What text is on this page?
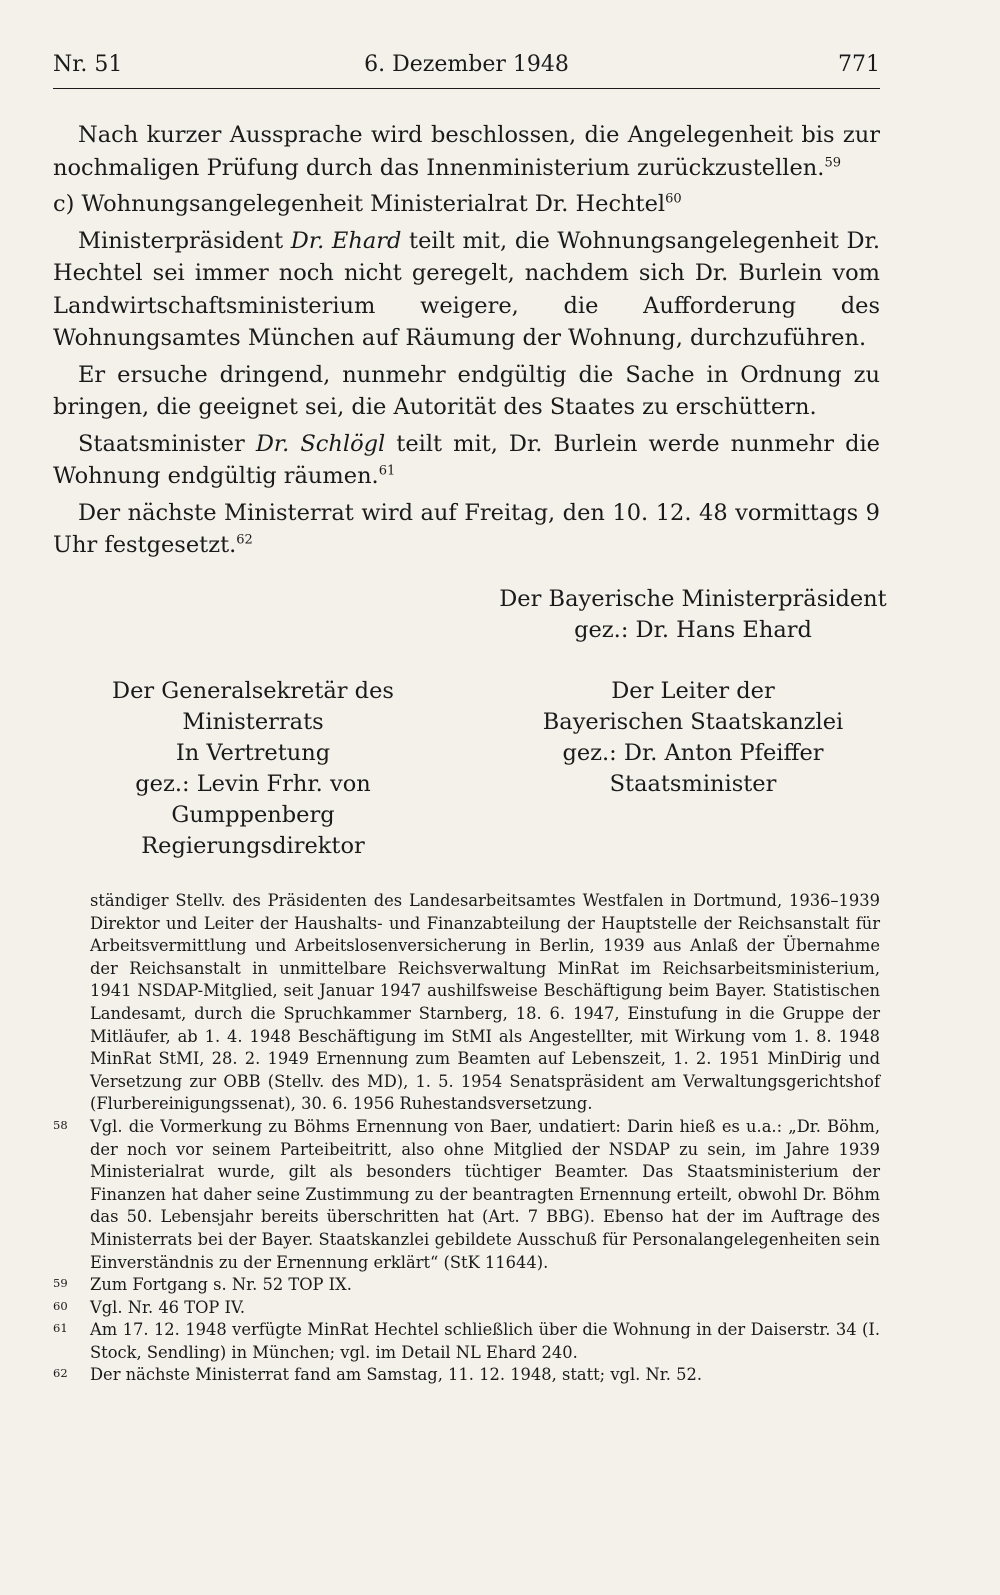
Nr. 51	6. Dezember 1948	771

Nach kurzer Aussprache wird beschlossen, die Angelegenheit bis zur nochmaligen Prüfung durch das Innenministerium zurückzustellen.$^{59}$

c) Wohnungsangelegenheit Ministerialrat Dr. Hechtel$^{60}$

Ministerpräsident Dr. Ehard teilt mit, die Wohnungsangelegenheit Dr. Hechtel sei immer noch nicht geregelt, nachdem sich Dr. Burlein vom Landwirtschaftsministerium weigere, die Aufforderung des Wohnungsamtes München auf Räumung der Wohnung, durchzuführen.

Er ersuche dringend, nunmehr endgültig die Sache in Ordnung zu bringen, die geeignet sei, die Autorität des Staates zu erschüttern.

Staatsminister Dr. Schlögl teilt mit, Dr. Burlein werde nunmehr die Wohnung endgültig räumen.$^{61}$

Der nächste Ministerrat wird auf Freitag, den 10. 12. 48 vormittags 9 Uhr festgesetzt.$^{62}$

Der Bayerische Ministerpräsident
gez.: Dr. Hans Ehard
Der Generalsekretär des
Ministerrats
In Vertretung
gez.: Levin Frhr. von Gumppenberg
Regierungsdirektor
Der Leiter der
Bayerischen Staatskanzlei
gez.: Dr. Anton Pfeiffer
Staatsminister

ständiger Stellv. des Präsidenten des Landesarbeitsamtes Westfalen in Dortmund, 1936–1939 Direktor und Leiter der Haushalts- und Finanzabteilung der Hauptstelle der Reichsanstalt für Arbeitsvermittlung und Arbeitslosenversicherung in Berlin, 1939 aus Anlaß der Übernahme der Reichsanstalt in unmittelbare Reichsverwaltung MinRat im Reichsarbeitsministerium, 1941 NSDAP-Mitglied, seit Januar 1947 aushilfsweise Beschäftigung beim Bayer. Statistischen Landesamt, durch die Spruchkammer Starnberg, 18. 6. 1947, Einstufung in die Gruppe der Mitläufer, ab 1. 4. 1948 Beschäftigung im StMI als Angestellter, mit Wirkung vom 1. 8. 1948 MinRat StMI, 28. 2. 1949 Ernennung zum Beamten auf Lebenszeit, 1. 2. 1951 MinDirig und Versetzung zur OBB (Stellv. des MD), 1. 5. 1954 Senatspräsident am Verwaltungsgerichtshof (Flurbereinigungssenat), 30. 6. 1956 Ruhestandsversetzung.

58 Vgl. die Vormerkung zu Böhms Ernennung von Baer, undatiert: Darin hieß es u.a.: „Dr. Böhm, der noch vor seinem Parteibeitritt, also ohne Mitglied der NSDAP zu sein, im Jahre 1939 Ministerialrat wurde, gilt als besonders tüchtiger Beamter. Das Staatsministerium der Finanzen hat daher seine Zustimmung zu der beantragten Ernennung erteilt, obwohl Dr. Böhm das 50. Lebensjahr bereits überschritten hat (Art. 7 BBG). Ebenso hat der im Auftrage des Ministerrats bei der Bayer. Staatskanzlei gebildete Ausschuß für Personalangelegenheiten sein Einverständnis zu der Ernennung erklärt“ (StK 11644).

59 Zum Fortgang s. Nr. 52 TOP IX.

60 Vgl. Nr. 46 TOP IV.

61 Am 17. 12. 1948 verfügte MinRat Hechtel schließlich über die Wohnung in der Daiserstr. 34 (I. Stock, Sendling) in München; vgl. im Detail NL Ehard 240.

62 Der nächste Ministerrat fand am Samstag, 11. 12. 1948, statt; vgl. Nr. 52.
